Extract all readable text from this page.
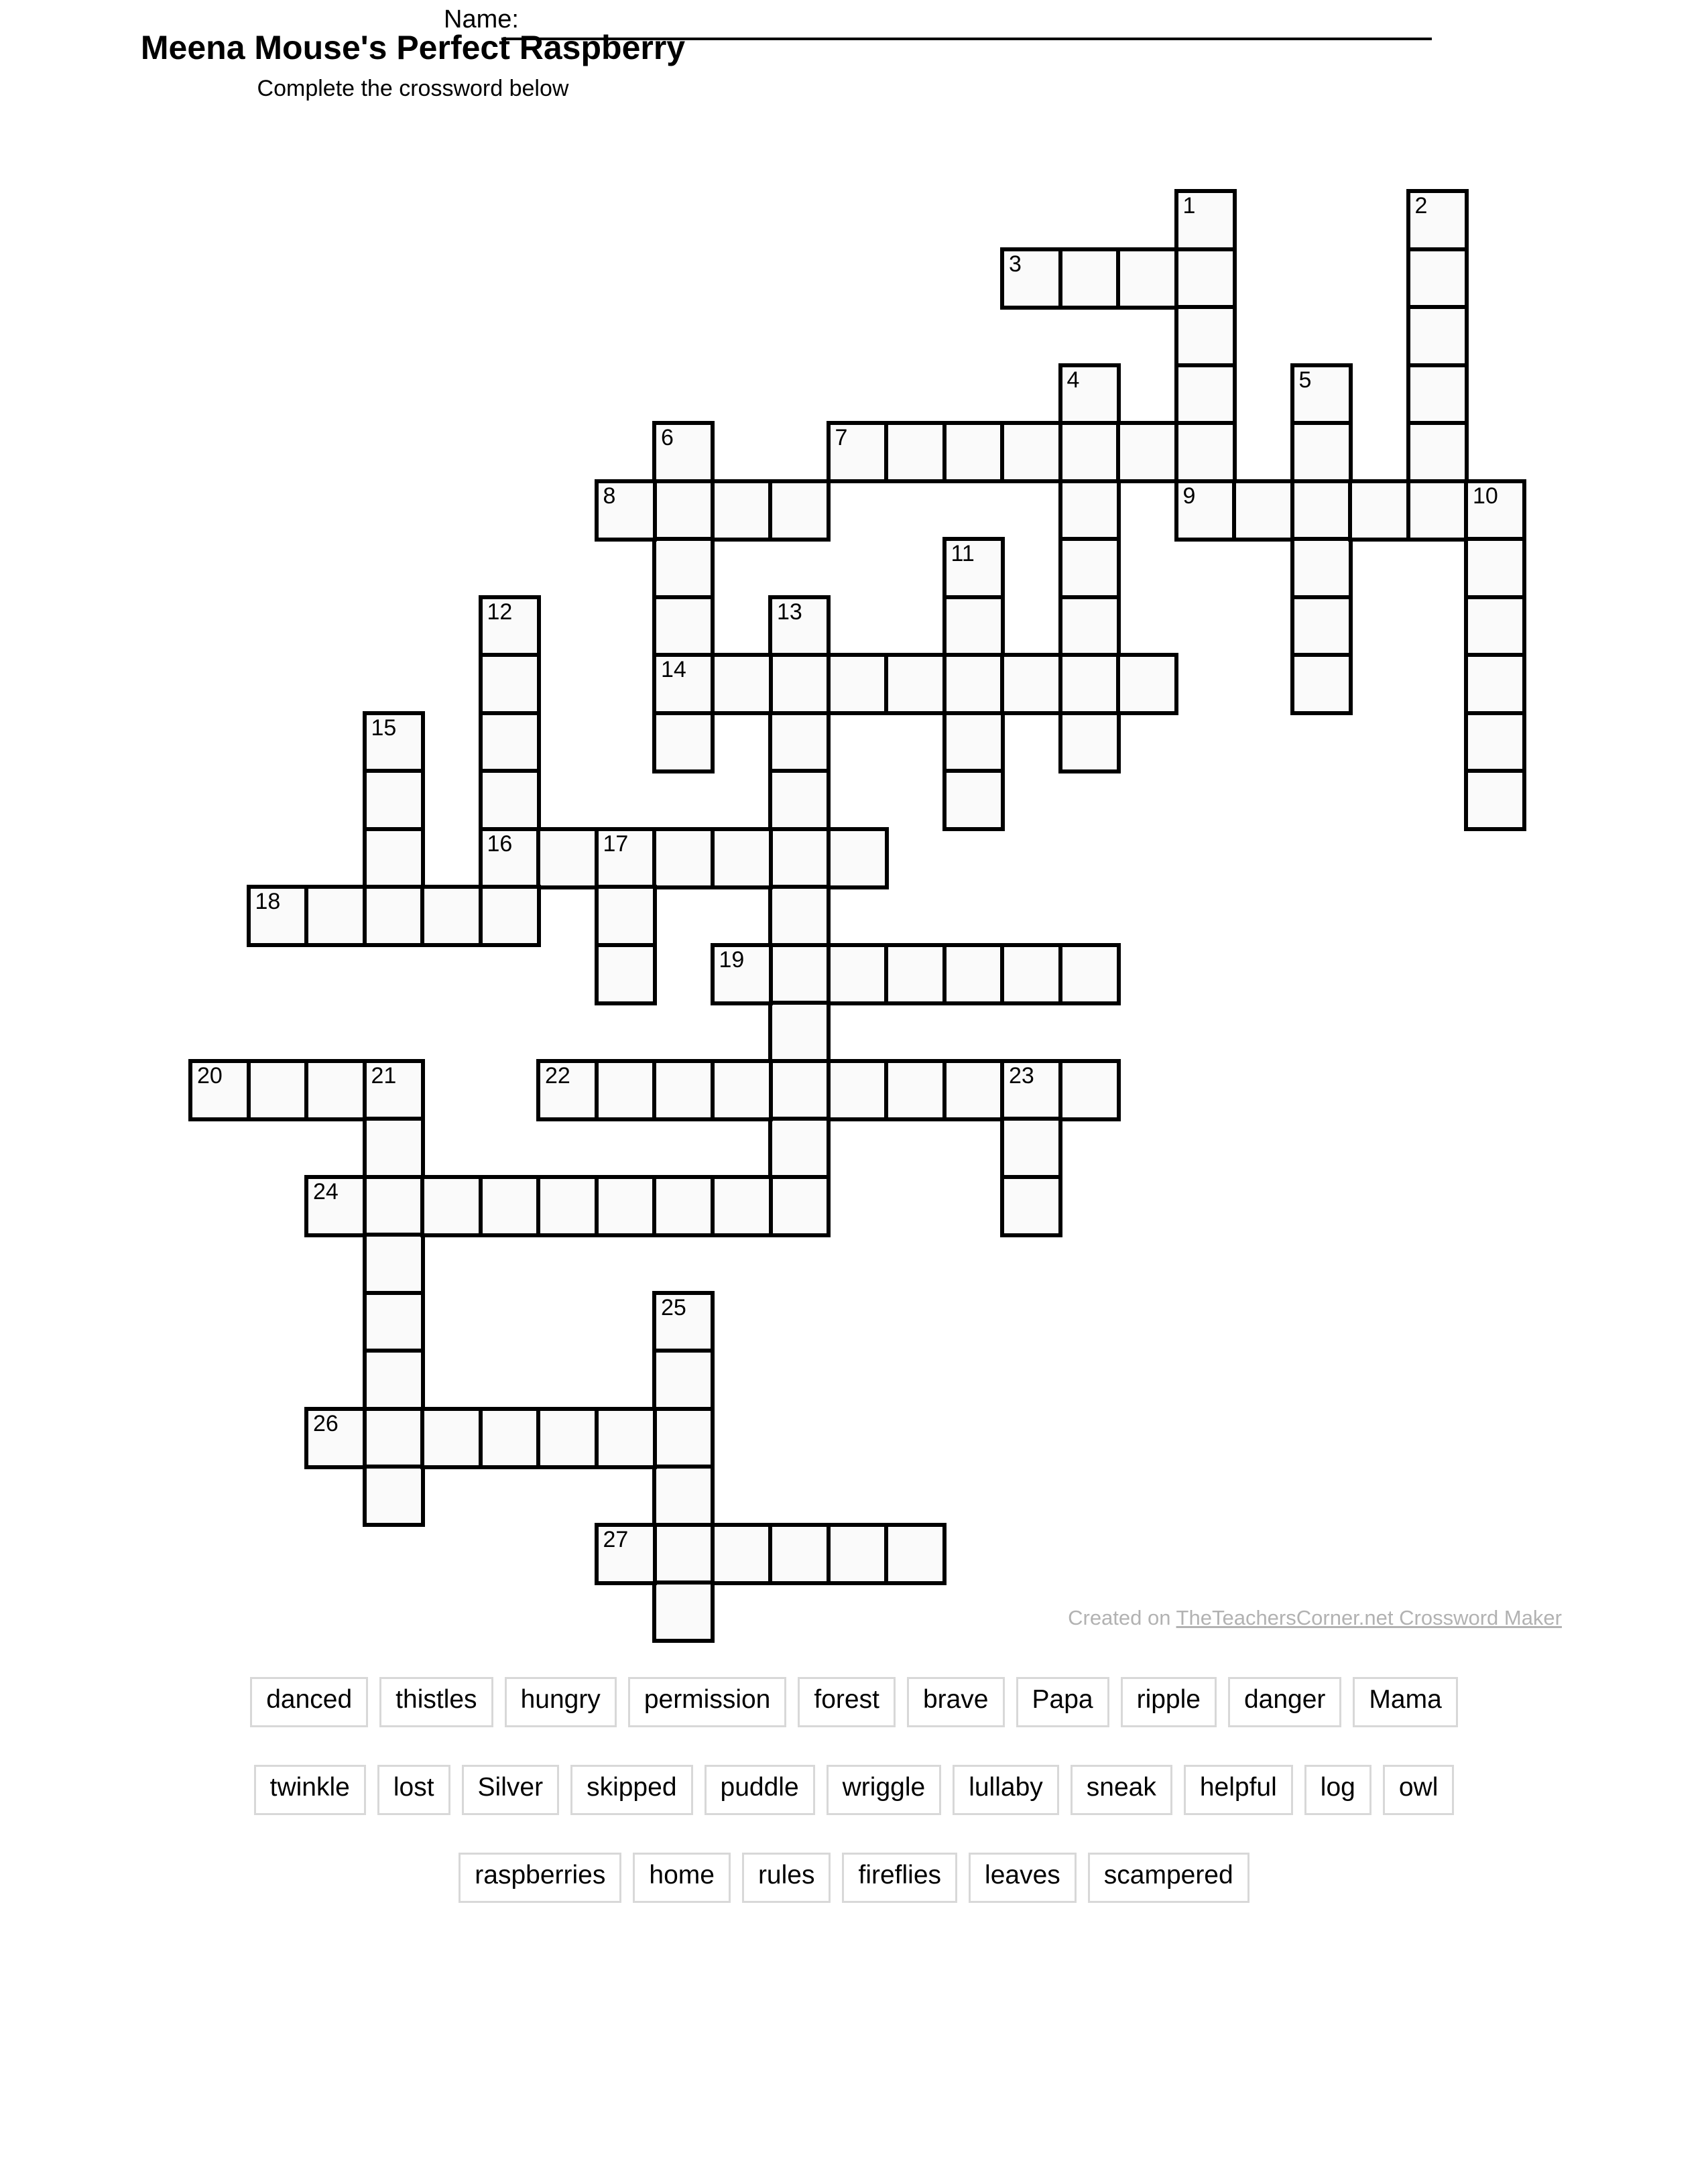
Name:
Meena Mouse's Perfect Raspberry
Complete the crossword below
1
9
2
3
4	5
6
14
7
8	10
11
12
16
13
15
17
18
19
20	21	22	23
24
25
26
27
Created on TheTeachersCorner.net Crossword Maker
danced	thistles	hungry	permission	forest	brave	Papa	ripple	danger	Mama
twinkle	lost	Silver	skipped	puddle	wriggle	lullaby	sneak	helpful	log	owl
raspberries	home	rules	fireflies	leaves	scampered
